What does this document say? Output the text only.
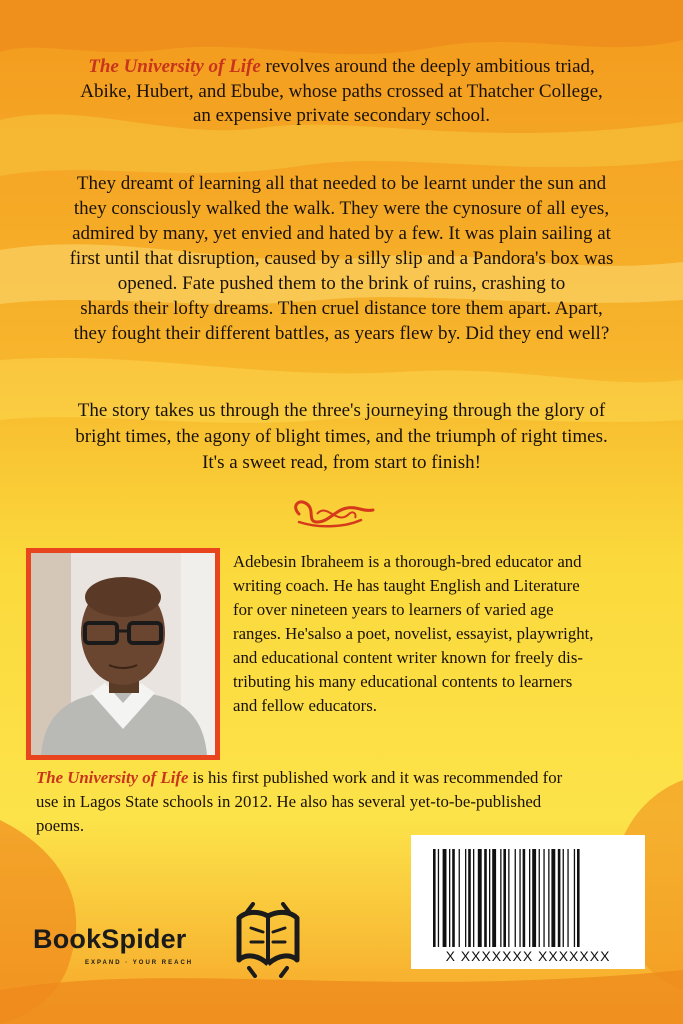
The University of Life revolves around the deeply ambitious triad,
Abike, Hubert, and Ebube, whose paths crossed at Thatcher College,
an expensive private secondary school.

They dreamt of learning all that needed to be learnt under the sun and
they consciously walked the walk. They were the cynosure of all eyes,
admired by many, yet envied and hated by a few. It was plain sailing at
first until that disruption, caused by a silly slip and a Pandora's box was
opened. Fate pushed them to the brink of ruins, crashing to
shards their lofty dreams. Then cruel distance tore them apart. Apart,
they fought their different battles, as years flew by. Did they end well?

The story takes us through the three's journeying through the glory of
bright times, the agony of blight times, and the triumph of right times.
It's a sweet read, from start to finish!

Adebesin Ibraheem is a thorough-bred educator and
writing coach. He has taught English and Literature
for over nineteen years to learners of varied age
ranges. He'salso a poet, novelist, essayist, playwright,
and educational content writer known for freely dis-
tributing his many educational contents to learners
and fellow educators.

The University of Life is his first published work and it was recommended for
use in Lagos State schools in 2012. He also has several yet-to-be-published
poems.

X XXXXXXX XXXXXXX
BookSpider
EXPAND · YOUR REACH
